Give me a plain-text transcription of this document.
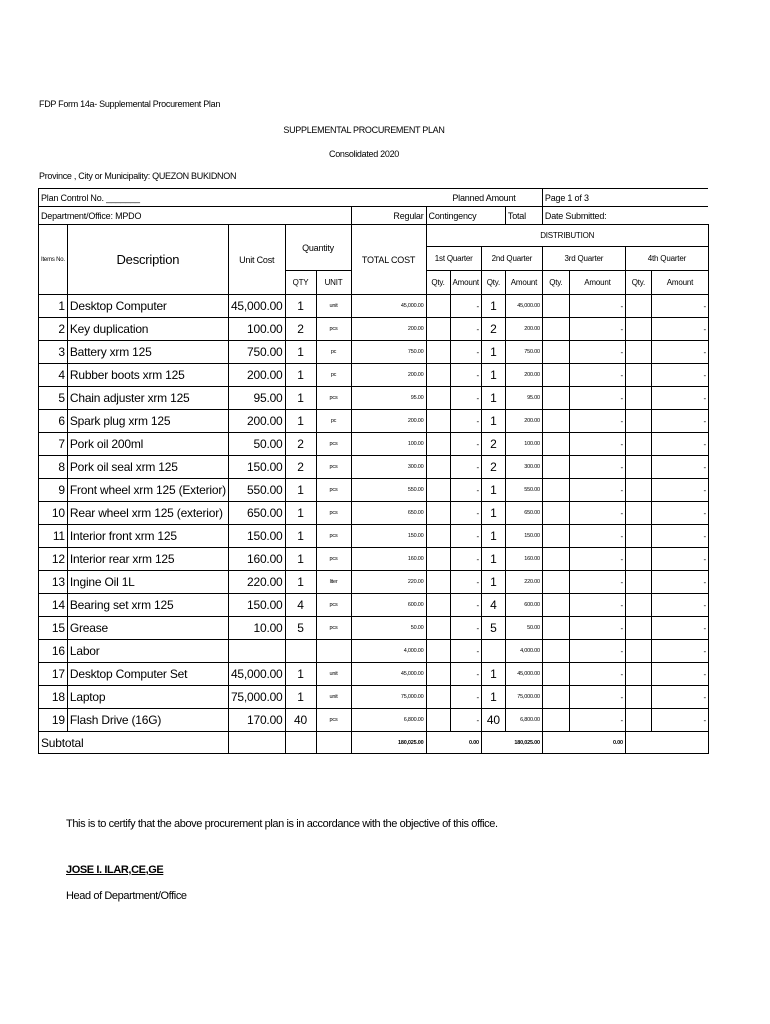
FDP Form 14a- Supplemental Procurement Plan
SUPPLEMENTAL PROCUREMENT PLAN
Consolidated 2020
Province , City or Municipality: QUEZON BUKIDNON
Plan Control No. _______						Planned Amount				Page 1 of 3			
Department/Office: MPDO					Regular	Contingency			Total	Date Submitted:			
Items No.	Description	Unit Cost	Quantity		TOTAL COST	DISTRIBUTION							
						1st Quarter		2nd Quarter		3rd Quarter		4th Quarter	
			QTY	UNIT		Qty.	Amount	Qty.	Amount	Qty.	Amount	Qty.	Amount
1	Desktop Computer	45,000.00	1	unit	45,000.00		-	1	45,000.00		-		-
2	Key duplication	100.00	2	pcs	200.00		-	2	200.00		-		-
3	Battery xrm 125	750.00	1	pc	750.00		-	1	750.00		-		-
4	Rubber boots xrm 125	200.00	1	pc	200.00		-	1	200.00		-		-
5	Chain adjuster xrm 125	95.00	1	pcs	95.00		-	1	95.00		-		-
6	Spark plug xrm 125	200.00	1	pc	200.00		-	1	200.00		-		-
7	Pork oil 200ml	50.00	2	pcs	100.00		-	2	100.00		-		-
8	Pork oil seal xrm 125	150.00	2	pcs	300.00		-	2	300.00		-		-
9	Front wheel xrm 125 (Exterior)	550.00	1	pcs	550.00		-	1	550.00		-		-
10	Rear wheel xrm 125 (exterior)	650.00	1	pcs	650.00		-	1	650.00		-		-
11	Interior front xrm 125	150.00	1	pcs	150.00		-	1	150.00		-		-
12	Interior rear xrm 125	160.00	1	pcs	160.00		-	1	160.00		-		-
13	Ingine Oil 1L	220.00	1	liter	220.00		-	1	220.00		-		-
14	Bearing set xrm 125	150.00	4	pcs	600.00		-	4	600.00		-		-
15	Grease	10.00	5	pcs	50.00		-	5	50.00		-		-
16	Labor				4,000.00		-		4,000.00		-		-
17	Desktop Computer Set	45,000.00	1	unit	45,000.00		-	1	45,000.00		-		-
18	Laptop	75,000.00	1	unit	75,000.00		-	1	75,000.00		-		-
19	Flash Drive (16G)	170.00	40	pcs	6,800.00		-	40	6,800.00		-		-
Subtotal					180,025.00	0.00		180,025.00		0.00			
This is to certify that the above procurement plan is in accordance with the objective of this office.
JOSE I. ILAR,CE,GE
Head of Department/Office
